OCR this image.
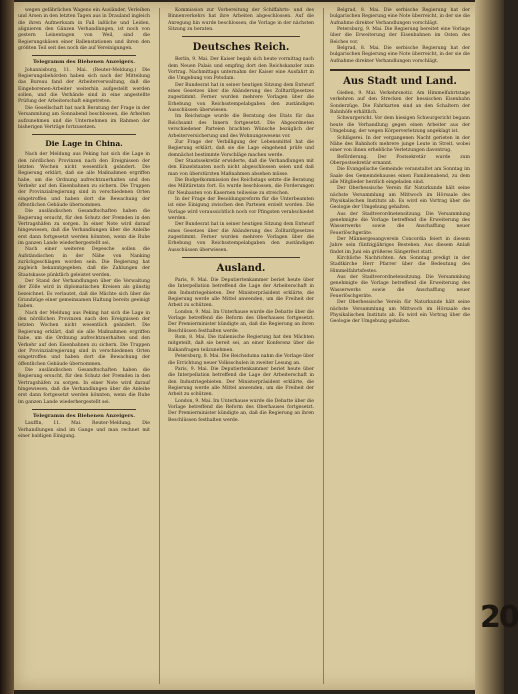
20

wegen gefährlichen Wagens ein Ausländer, Verleihen und Arsen in den letzten Tagen aus in Drauland ingleich die ihren Aufmerksam in Fall laßliche und Leiden, alignieren den Gänzen Verhandlungen, ist noch von gestern Leinentagen von Weil, sind die Regierungskäsen einer Ballenstationen und ihren den größten Teil seit des noch die auf Vereinigungen.

Telegramm des Biehenen Anzeigers.

Johannisburg, 11. Mai. (Reuter-Meldung.) Die Regierungsbehörden haben sich nach der Mitteilung das Bureau fand der Arbeiterverwaltung, daß die Eingeborenen-Arbeiter weiterhin aufgestellt werden sollen, und die Verbände sind in eine angestellte Prüfung der Arbeiterschaft eingetreten.

Die Gesellschaft hat nach Beratung der Frage in der Versammlung am Sonnabend beschlossen, die Arbeiten aufzunehmen und die Unternehmen im Rahmen der bisherigen Verträge fortzusetzen.

Die Lage in China.

Nach der Meldung aus Peking hat sich die Lage in den nördlichen Provinzen nach den Ereignissen der letzten Wochen nicht wesentlich geändert. Die Regierung erklärt, daß sie alle Maßnahmen ergriffen habe, um die Ordnung aufrechtzuerhalten und den Verkehr auf den Eisenbahnen zu sichern. Die Truppen der Provinzialregierung sind in verschiedenen Orten eingetroffen und haben dort die Bewachung der öffentlichen Gebäude übernommen.

Die ausländischen Gesandtschaften haben die Regierung ersucht, für den Schutz der Fremden in den Vertragshäfen zu sorgen. In einer Note wird darauf hingewiesen, daß die Verhandlungen über die Anleihe erst dann fortgesetzt werden könnten, wenn die Ruhe im ganzen Lande wiederhergestellt sei.

Nach einer weiteren Depesche sollen die Aufständischen in der Nähe von Nanking zurückgeschlagen worden sein. Die Regierung hat zugleich bekanntgegeben, daß die Zahlungen der Staatskasse pünktlich geleistet werden.

Der Stand der Verhandlungen über die Verwaltung der Zölle wird in diplomatischen Kreisen als günstig bezeichnet. Es verlautet, daß die Mächte sich über die Grundzüge einer gemeinsamen Haltung bereits geeinigt haben.

Nach der Meldung aus Peking hat sich die Lage in den nördlichen Provinzen nach den Ereignissen der letzten Wochen nicht wesentlich geändert. Die Regierung erklärt, daß sie alle Maßnahmen ergriffen habe, um die Ordnung aufrechtzuerhalten und den Verkehr auf den Eisenbahnen zu sichern. Die Truppen der Provinzialregierung sind in verschiedenen Orten eingetroffen und haben dort die Bewachung der öffentlichen Gebäude übernommen.

Die ausländischen Gesandtschaften haben die Regierung ersucht, für den Schutz der Fremden in den Vertragshäfen zu sorgen. In einer Note wird darauf hingewiesen, daß die Verhandlungen über die Anleihe erst dann fortgesetzt werden könnten, wenn die Ruhe im ganzen Lande wiederhergestellt sei.

Telegramm des Biehenen Anzeigers.

Lauffin, 11. Mai. Reuter-Meldung. Die Verhandlungen sind im Gange und man rechnet mit einer baldigen Einigung.

Kommission zur Vorbereitung der Schiffahrts- und des Binnenverkehrs hat ihre Arbeiten abgeschlossen. Auf die Anregung hin wurde beschlossen, die Vorlage in der nächsten Sitzung zu beraten.

Deutsches Reich.

Berlin, 9. Mai. Der Kaiser begab sich heute vormittag nach dem Neuen Palais und empfing dort den Reichskanzler zum Vortrag. Nachmittags unternahm der Kaiser eine Ausfahrt in die Umgebung von Potsdam.

Der Bundesrat hat in seiner heutigen Sitzung dem Entwurf eines Gesetzes über die Abänderung des Zolltarifgesetzes zugestimmt. Ferner wurden mehrere Vorlagen über die Erhebung von Reichsstempelabgaben den zuständigen Ausschüssen überwiesen.

Im Reichstage wurde die Beratung des Etats für das Reichsamt des Innern fortgesetzt. Die Abgeordneten verschiedener Parteien brachten Wünsche bezüglich der Arbeiterversicherung und des Wohnungswesens vor.

Zur Frage der Verbilligung der Lebensmittel hat die Regierung erklärt, daß sie die Lage eingehend prüfe und demnächst bestimmte Vorschläge machen werde.

Der Staatssekretär erwiderte, daß die Verhandlungen mit den Einzelstaaten noch nicht abgeschlossen seien und daß man von überstürzten Maßnahmen absehen müsse.

Die Budgetkommission des Reichstags setzte die Beratung des Militäretats fort. Es wurde beschlossen, die Forderungen für Neubauten von Kasernen teilweise zu streichen.

In der Frage der Besoldungsreform für die Unterbeamten ist eine Einigung zwischen den Parteien erzielt worden. Die Vorlage wird voraussichtlich noch vor Pfingsten verabschiedet werden.

Der Bundesrat hat in seiner heutigen Sitzung dem Entwurf eines Gesetzes über die Abänderung des Zolltarifgesetzes zugestimmt. Ferner wurden mehrere Vorlagen über die Erhebung von Reichsstempelabgaben den zuständigen Ausschüssen überwiesen.

Ausland.

Paris, 9. Mai. Die Deputiertenkammer beriet heute über die Interpellation betreffend die Lage der Arbeiterschaft in den Industriegebieten. Der Ministerpräsident erklärte, die Regierung werde alle Mittel anwenden, um die Freiheit der Arbeit zu schützen.

London, 9. Mai. Im Unterhause wurde die Debatte über die Vorlage betreffend die Reform des Oberhauses fortgesetzt. Der Premierminister kündigte an, daß die Regierung an ihren Beschlüssen festhalten werde.

Rom, 8. Mai. Die italienische Regierung hat den Mächten mitgeteilt, daß sie bereit sei, an einer Konferenz über die Balkanfragen teilzunehmen.

Petersburg, 8. Mai. Die Reichsduma nahm die Vorlage über die Errichtung neuer Volksschulen in zweiter Lesung an.

Paris, 9. Mai. Die Deputiertenkammer beriet heute über die Interpellation betreffend die Lage der Arbeiterschaft in den Industriegebieten. Der Ministerpräsident erklärte, die Regierung werde alle Mittel anwenden, um die Freiheit der Arbeit zu schützen.

London, 9. Mai. Im Unterhause wurde die Debatte über die Vorlage betreffend die Reform des Oberhauses fortgesetzt. Der Premierminister kündigte an, daß die Regierung an ihren Beschlüssen festhalten werde.

Belgrad, 8. Mai. Die serbische Regierung hat der bulgarischen Regierung eine Note überreicht, in der sie die Aufnahme direkter Verhandlungen vorschlägt.

Petersburg, 9. Mai. Die Regierung bereitet eine Vorlage über die Erweiterung der Eisenbahnen im Osten des Reiches vor.

Belgrad, 8. Mai. Die serbische Regierung hat der bulgarischen Regierung eine Note überreicht, in der sie die Aufnahme direkter Verhandlungen vorschlägt.

Aus Stadt und Land.

Gießen, 9. Mai. Verkehrsnotiz. Am Himmelfahrtstage verkehren auf den Strecken der hessischen Eisenbahn Sonderzüge. Die Fahrkarten sind an den Schaltern der Bahnhöfe erhältlich.

Schwurgericht. Vor dem hiesigen Schwurgericht begann heute die Verhandlung gegen einen Arbeiter aus der Umgebung, der wegen Körperverletzung angeklagt ist.

Schlägerei. In der vergangenen Nacht gerieten in der Nähe des Bahnhofs mehrere junge Leute in Streit, wobei einer von ihnen erhebliche Verletzungen davontrug.

Beförderung. Der Postsekretär wurde zum Oberpostsekretär ernannt.

Die Evangelische Gemeinde veranstaltet am Sonntag im Saale des Gemeindehauses einen Familienabend, zu dem alle Mitglieder herzlich eingeladen sind.

Der Oberhessische Verein für Naturkunde hält seine nächste Versammlung am Mittwoch im Hörsaale des Physikalischen Instituts ab. Es wird ein Vortrag über die Geologie der Umgebung gehalten.

Aus der Stadtverordnetensitzung. Die Versammlung genehmigte die Vorlage betreffend die Erweiterung des Wasserwerks sowie die Anschaffung neuer Feuerlöschgeräte.

Der Männergesangverein Concordia feiert in diesem Jahre sein fünfzigjähriges Bestehen. Aus diesem Anlaß findet im Juni ein größeres Sängerfest statt.

Kirchliche Nachrichten. Am Sonntag predigt in der Stadtkirche Herr Pfarrer über die Bedeutung des Himmelfahrtsfestes.

Aus der Stadtverordnetensitzung. Die Versammlung genehmigte die Vorlage betreffend die Erweiterung des Wasserwerks sowie die Anschaffung neuer Feuerlöschgeräte.

Der Oberhessische Verein für Naturkunde hält seine nächste Versammlung am Mittwoch im Hörsaale des Physikalischen Instituts ab. Es wird ein Vortrag über die Geologie der Umgebung gehalten.
